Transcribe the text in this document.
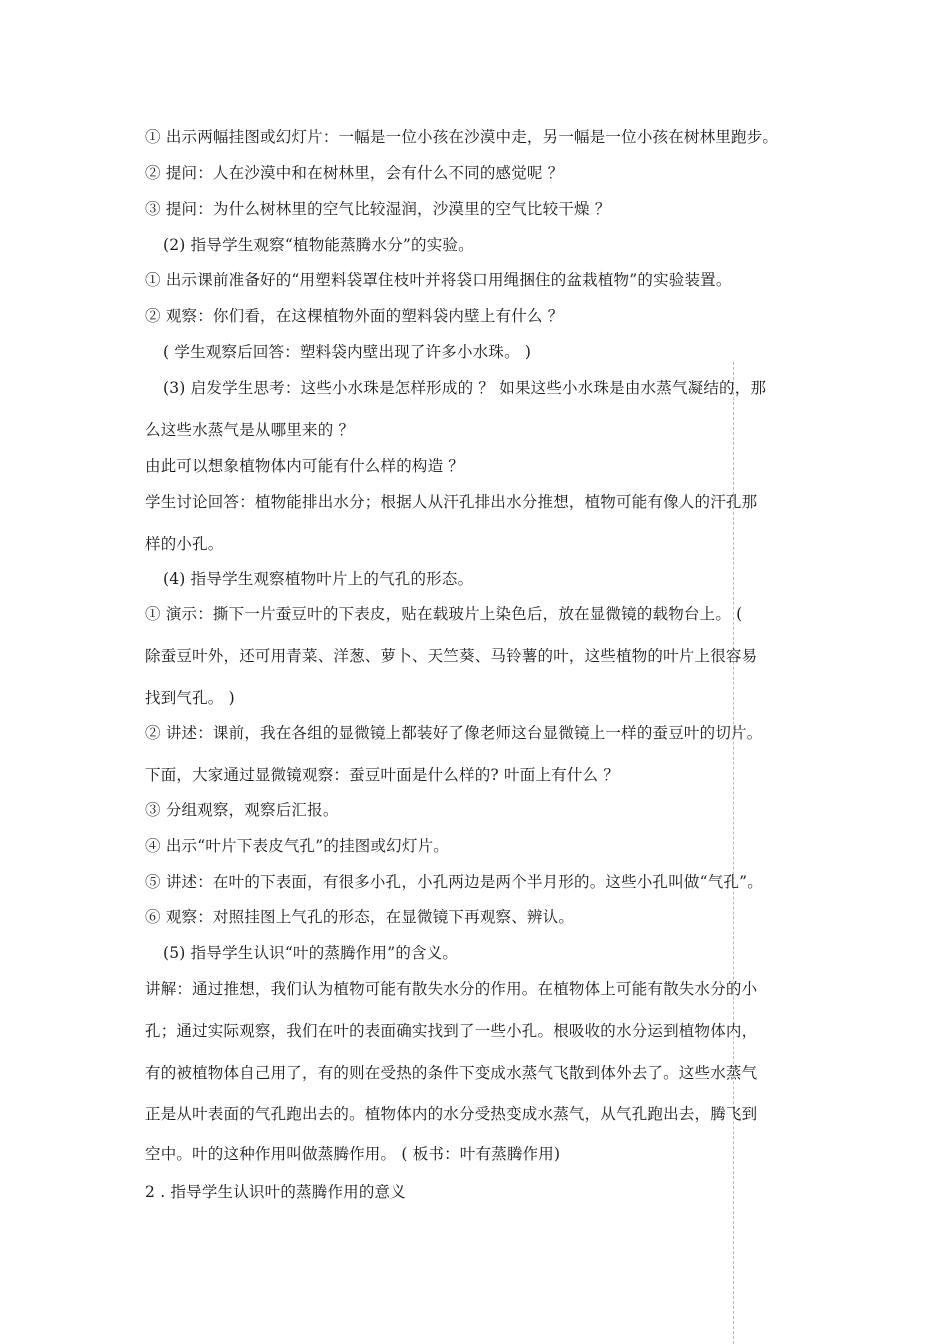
① 出示两幅挂图或幻灯片：一幅是一位小孩在沙漠中走，另一幅是一位小孩在树林里跑步。
② 提问：人在沙漠中和在树林里，会有什么不同的感觉呢 ？
③ 提问：为什么树林里的空气比较湿润，沙漠里的空气比较干燥 ？
(2) 指导学生观察“植物能蒸腾水分”的实验。
① 出示课前准备好的“用塑料袋罩住枝叶并将袋口用绳捆住的盆栽植物”的实验装置。
② 观察：你们看，在这棵植物外面的塑料袋内壁上有什么 ？
( 学生观察后回答：塑料袋内壁出现了许多小水珠。 )
(3) 启发学生思考：这些小水珠是怎样形成的 ？ 如果这些小水珠是由水蒸气凝结的，那
么这些水蒸气是从哪里来的 ？
由此可以想象植物体内可能有什么样的构造 ？
学生讨论回答：植物能排出水分；根据人从汗孔排出水分推想，植物可能有像人的汗孔那
样的小孔。
(4) 指导学生观察植物叶片上的气孔的形态。
① 演示：撕下一片蚕豆叶的下表皮，贴在载玻片上染色后，放在显微镜的载物台上。 (
除蚕豆叶外，还可用青菜、洋葱、萝卜、天竺葵、马铃薯的叶，这些植物的叶片上很容易
找到气孔。 )
② 讲述：课前，我在各组的显微镜上都装好了像老师这台显微镜上一样的蚕豆叶的切片。
下面，大家通过显微镜观察：蚕豆叶面是什么样的? 叶面上有什么 ？
③ 分组观察，观察后汇报。
④ 出示“叶片下表皮气孔”的挂图或幻灯片。
⑤ 讲述：在叶的下表面，有很多小孔，小孔两边是两个半月形的。这些小孔叫做“气孔”。
⑥ 观察：对照挂图上气孔的形态，在显微镜下再观察、辨认。
(5) 指导学生认识“叶的蒸腾作用”的含义。
讲解：通过推想，我们认为植物可能有散失水分的作用。在植物体上可能有散失水分的小
孔；通过实际观察，我们在叶的表面确实找到了一些小孔。根吸收的水分运到植物体内，
有的被植物体自己用了，有的则在受热的条件下变成水蒸气飞散到体外去了。这些水蒸气
正是从叶表面的气孔跑出去的。植物体内的水分受热变成水蒸气，从气孔跑出去，腾飞到
空中。叶的这种作用叫做蒸腾作用。 ( 板书：叶有蒸腾作用)
2 . 指导学生认识叶的蒸腾作用的意义
